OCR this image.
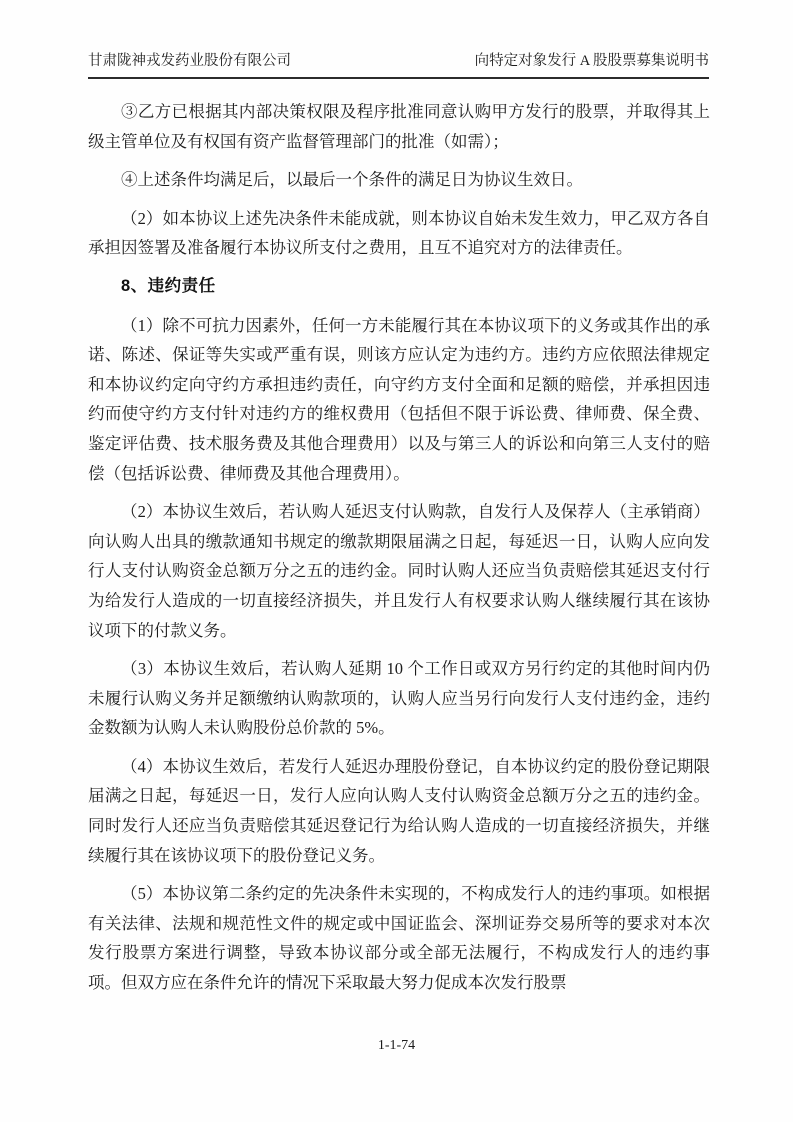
甘肃陇神戎发药业股份有限公司	向特定对象发行 A 股股票募集说明书

③乙方已根据其内部决策权限及程序批准同意认购甲方发行的股票，并取得其上级主管单位及有权国有资产监督管理部门的批准（如需）；

④上述条件均满足后，以最后一个条件的满足日为协议生效日。

（2）如本协议上述先决条件未能成就，则本协议自始未发生效力，甲乙双方各自承担因签署及准备履行本协议所支付之费用，且互不追究对方的法律责任。

8、违约责任

（1）除不可抗力因素外，任何一方未能履行其在本协议项下的义务或其作出的承诺、陈述、保证等失实或严重有误，则该方应认定为违约方。违约方应依照法律规定和本协议约定向守约方承担违约责任，向守约方支付全面和足额的赔偿，并承担因违约而使守约方支付针对违约方的维权费用（包括但不限于诉讼费、律师费、保全费、鉴定评估费、技术服务费及其他合理费用）以及与第三人的诉讼和向第三人支付的赔偿（包括诉讼费、律师费及其他合理费用）。

（2）本协议生效后，若认购人延迟支付认购款，自发行人及保荐人（主承销商）向认购人出具的缴款通知书规定的缴款期限届满之日起，每延迟一日，认购人应向发行人支付认购资金总额万分之五的违约金。同时认购人还应当负责赔偿其延迟支付行为给发行人造成的一切直接经济损失，并且发行人有权要求认购人继续履行其在该协议项下的付款义务。

（3）本协议生效后，若认购人延期 10 个工作日或双方另行约定的其他时间内仍未履行认购义务并足额缴纳认购款项的，认购人应当另行向发行人支付违约金，违约金数额为认购人未认购股份总价款的 5%。

（4）本协议生效后，若发行人延迟办理股份登记，自本协议约定的股份登记期限届满之日起，每延迟一日，发行人应向认购人支付认购资金总额万分之五的违约金。同时发行人还应当负责赔偿其延迟登记行为给认购人造成的一切直接经济损失，并继续履行其在该协议项下的股份登记义务。

（5）本协议第二条约定的先决条件未实现的，不构成发行人的违约事项。如根据有关法律、法规和规范性文件的规定或中国证监会、深圳证券交易所等的要求对本次发行股票方案进行调整，导致本协议部分或全部无法履行，不构成发行人的违约事项。但双方应在条件允许的情况下采取最大努力促成本次发行股票

1-1-74
